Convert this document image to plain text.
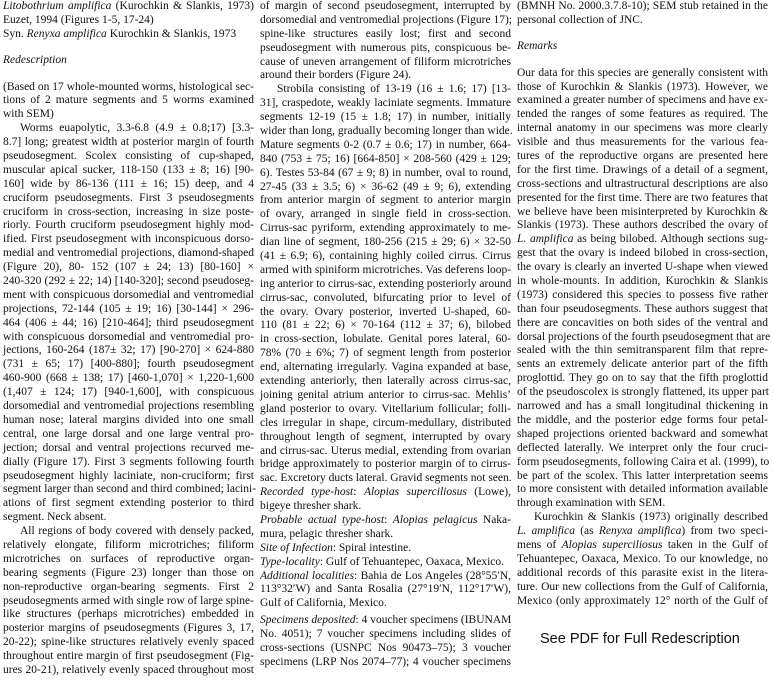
Litobothrium amplifica (Kurochkin & Slankis, 1973)
Euzet, 1994 (Figures 1-5, 17-24)
Syn. Renyxa amplifica Kurochkin & Slankis, 1973
Redescription
(Based on 17 whole-mounted worms, histological sec-
tions of 2 mature segments and 5 worms examined
with SEM)
Worms euapolytic, 3.3-6.8 (4.9 ± 0.8;17) [3.3-
8.7] long; greatest width at posterior margin of fourth
pseudosegment. Scolex consisting of cup-shaped,
muscular apical sucker, 118-150 (133 ± 8; 16) [90-
160] wide by 86-136 (111 ± 16; 15) deep, and 4
cruciform pseudosegments. First 3 pseudosegments
cruciform in cross-section, increasing in size poste-
riorly. Fourth cruciform pseudosegment highly mod-
ified. First pseudosegment with inconspicuous dorso-
medial and ventromedial projections, diamond-shaped
(Figure 20), 80- 152 (107 ± 24; 13) [80-160] ×
240-320 (292 ± 22; 14) [140-320]; second pseudoseg-
ment with conspicuous dorsomedial and ventromedial
projections, 72-144 (105 ± 19; 16) [30-144] × 296-
464 (406 ± 44; 16) [210-464]; third pseudosegment
with conspicuous dorsomedial and ventromedial pro-
jections, 160-264 (187± 32; 17) [90-270] × 624-880
(731 ± 65; 17) [400-880]; fourth pseudosegment
460-900 (668 ± 138; 17) [460-1,070] × 1,220-1,600
(1,407 ± 124; 17) [940-1,600], with conspicuous
dorsomedial and ventromedial projections resembling
human nose; lateral margins divided into one small
central, one large dorsal and one large ventral pro-
jection; dorsal and ventral projections recurved me-
dially (Figure 17). First 3 segments following fourth
pseudosegment highly laciniate, non-cruciform; first
segment larger than second and third combined; lacini-
ations of first segment extending posterior to third
segment. Neck absent.
All regions of body covered with densely packed,
relatively elongate, filiform microtriches; filiform
microtriches on surfaces of reproductive organ-
bearing segments (Figure 23) longer than those on
non-reproductive organ-bearing segments. First 2
pseudosegments armed with single row of large spine-
like structures (perhaps microtriches) embedded in
posterior margins of pseudosegments (Figures 3, 17,
20-22); spine-like structures relatively evenly spaced
throughout entire margin of first pseudosegment (Fig-
ures 20-21), relatively evenly spaced throughout most
of margin of second pseudosegment, interrupted by
dorsomedial and ventromedial projections (Figure 17);
spine-like structures easily lost; first and second
pseudosegment with numerous pits, conspicuous be-
cause of uneven arrangement of filiform microtriches
around their borders (Figure 24).
Strobila consisting of 13-19 (16 ± 1.6; 17) [13-
31], craspedote, weakly laciniate segments. Immature
segments 12-19 (15 ± 1.8; 17) in number, initially
wider than long, gradually becoming longer than wide.
Mature segments 0-2 (0.7 ± 0.6; 17) in number, 664-
840 (753 ± 75; 16) [664-850] × 208-560 (429 ± 129;
6). Testes 53-84 (67 ± 9; 8) in number, oval to round,
27-45 (33 ± 3.5; 6) × 36-62 (49 ± 9; 6), extending
from anterior margin of segment to anterior margin
of ovary, arranged in single field in cross-section.
Cirrus-sac pyriform, extending approximately to me-
dian line of segment, 180-256 (215 ± 29; 6) × 32-50
(41 ± 6.9; 6), containing highly coiled cirrus. Cirrus
armed with spiniform microtriches. Vas deferens loop-
ing anterior to cirrus-sac, extending posteriorly around
cirrus-sac, convoluted, bifurcating prior to level of
the ovary. Ovary posterior, inverted U-shaped, 60-
110 (81 ± 22; 6) × 70-164 (112 ± 37; 6), bilobed
in cross-section, lobulate. Genital pores lateral, 60-
78% (70 ± 6%; 7) of segment length from posterior
end, alternating irregularly. Vagina expanded at base,
extending anteriorly, then laterally across cirrus-sac,
joining genital atrium anterior to cirrus-sac. Mehlis’
gland posterior to ovary. Vitellarium follicular; folli-
cles irregular in shape, circum-medullary, distributed
throughout length of segment, interrupted by ovary
and cirrus-sac. Uterus medial, extending from ovarian
bridge approximately to posterior margin of to cirrus-
sac. Excretory ducts lateral. Gravid segments not seen.
Recorded type-host: Alopias superciliosus (Lowe),
bigeye thresher shark.
Probable actual type-host: Alopias pelagicus Naka-
mura, pelagic thresher shark.
Site of Infection: Spiral intestine.
Type-locality: Gulf of Tehuantepec, Oaxaca, Mexico.
Additional localities: Bahia de Los Angeles (28°55′N,
113°32′W) and Santa Rosalia (27°19′N, 112°17′W),
Gulf of California, Mexico.
Specimens deposited: 4 voucher specimens (IBUNAM
No. 4051); 7 voucher specimens including slides of
cross-sections (USNPC Nos 90473–75); 3 voucher
specimens (LRP Nos 2074–77); 4 voucher specimens
(BMNH No. 2000.3.7.8-10); SEM stub retained in the
personal collection of JNC.
Remarks
Our data for this species are generally consistent with
those of Kurochkin & Slankis (1973). However, we
examined a greater number of specimens and have ex-
tended the ranges of some features as required. The
internal anatomy in our specimens was more clearly
visible and thus measurements for the various fea-
tures of the reproductive organs are presented here
for the first time. Drawings of a detail of a segment,
cross-sections and ultrastructural descriptions are also
presented for the first time. There are two features that
we believe have been misinterpreted by Kurochkin &
Slankis (1973). These authors described the ovary of
L. amplifica as being bilobed. Although sections sug-
gest that the ovary is indeed bilobed in cross-section,
the ovary is clearly an inverted U-shape when viewed
in whole-mounts. In addition, Kurochkin & Slankis
(1973) considered this species to possess five rather
than four pseudosegments. These authors suggest that
there are concavities on both sides of the ventral and
dorsal projections of the fourth pseudosegment that are
sealed with the thin semitransparent film that repre-
sents an extremely delicate anterior part of the fifth
proglottid. They go on to say that the fifth proglottid
of the pseudoscolex is strongly flattened, its upper part
narrowed and has a small longitudinal thickening in
the middle, and the posterior edge forms four petal-
shaped projections oriented backward and somewhat
deflected laterally. We interpret only the four cruci-
form pseudosegments, following Caira et al. (1999), to
be part of the scolex. This latter interpretation seems
to more consistent with detailed information available
through examination with SEM.
Kurochkin & Slankis (1973) originally described
L. amplifica (as Renyxa amplifica) from two speci-
mens of Alopias superciliosus taken in the Gulf of
Tehuantepec, Oaxaca, Mexico. To our knowledge, no
additional records of this parasite exist in the litera-
ture. Our new collections from the Gulf of California,
Mexico (only approximately 12° north of the Gulf of
See PDF for Full Redescription
